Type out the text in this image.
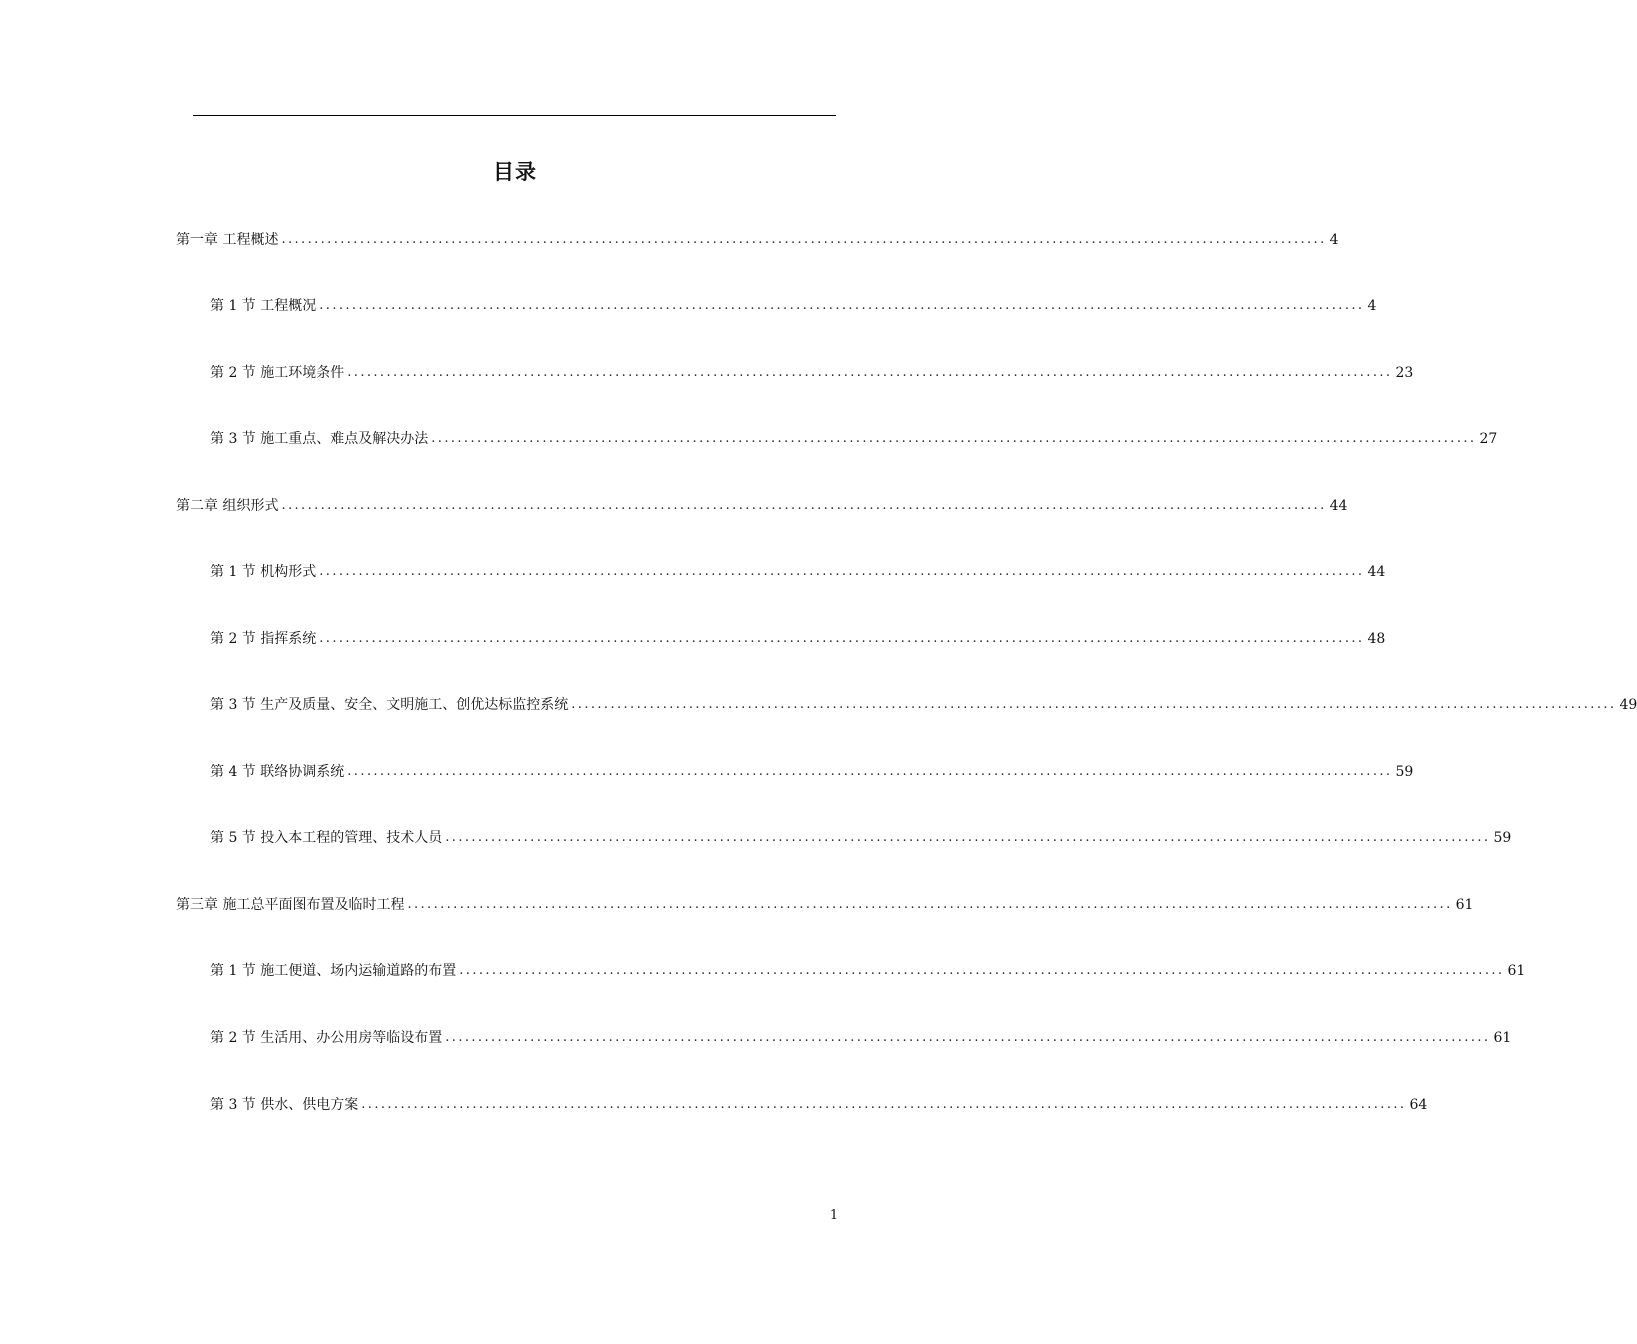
目录
第一章 工程概述 ................................................................................................................................................................ 4
第 1 节 工程概况 ................................................................................................................................................................ 4
第 2 节 施工环境条件 ................................................................................................................................................................ 23
第 3 节 施工重点、难点及解决办法 ................................................................................................................................................................ 27
第二章 组织形式 ................................................................................................................................................................ 44
第 1 节 机构形式 ................................................................................................................................................................ 44
第 2 节 指挥系统 ................................................................................................................................................................ 48
第 3 节 生产及质量、安全、文明施工、创优达标监控系统 ................................................................................................................................................................ 49
第 4 节 联络协调系统 ................................................................................................................................................................ 59
第 5 节 投入本工程的管理、技术人员 ................................................................................................................................................................ 59
第三章 施工总平面图布置及临时工程 ................................................................................................................................................................ 61
第 1 节 施工便道、场内运输道路的布置 ................................................................................................................................................................ 61
第 2 节 生活用、办公用房等临设布置 ................................................................................................................................................................ 61
第 3 节 供水、供电方案 ................................................................................................................................................................ 64
1
